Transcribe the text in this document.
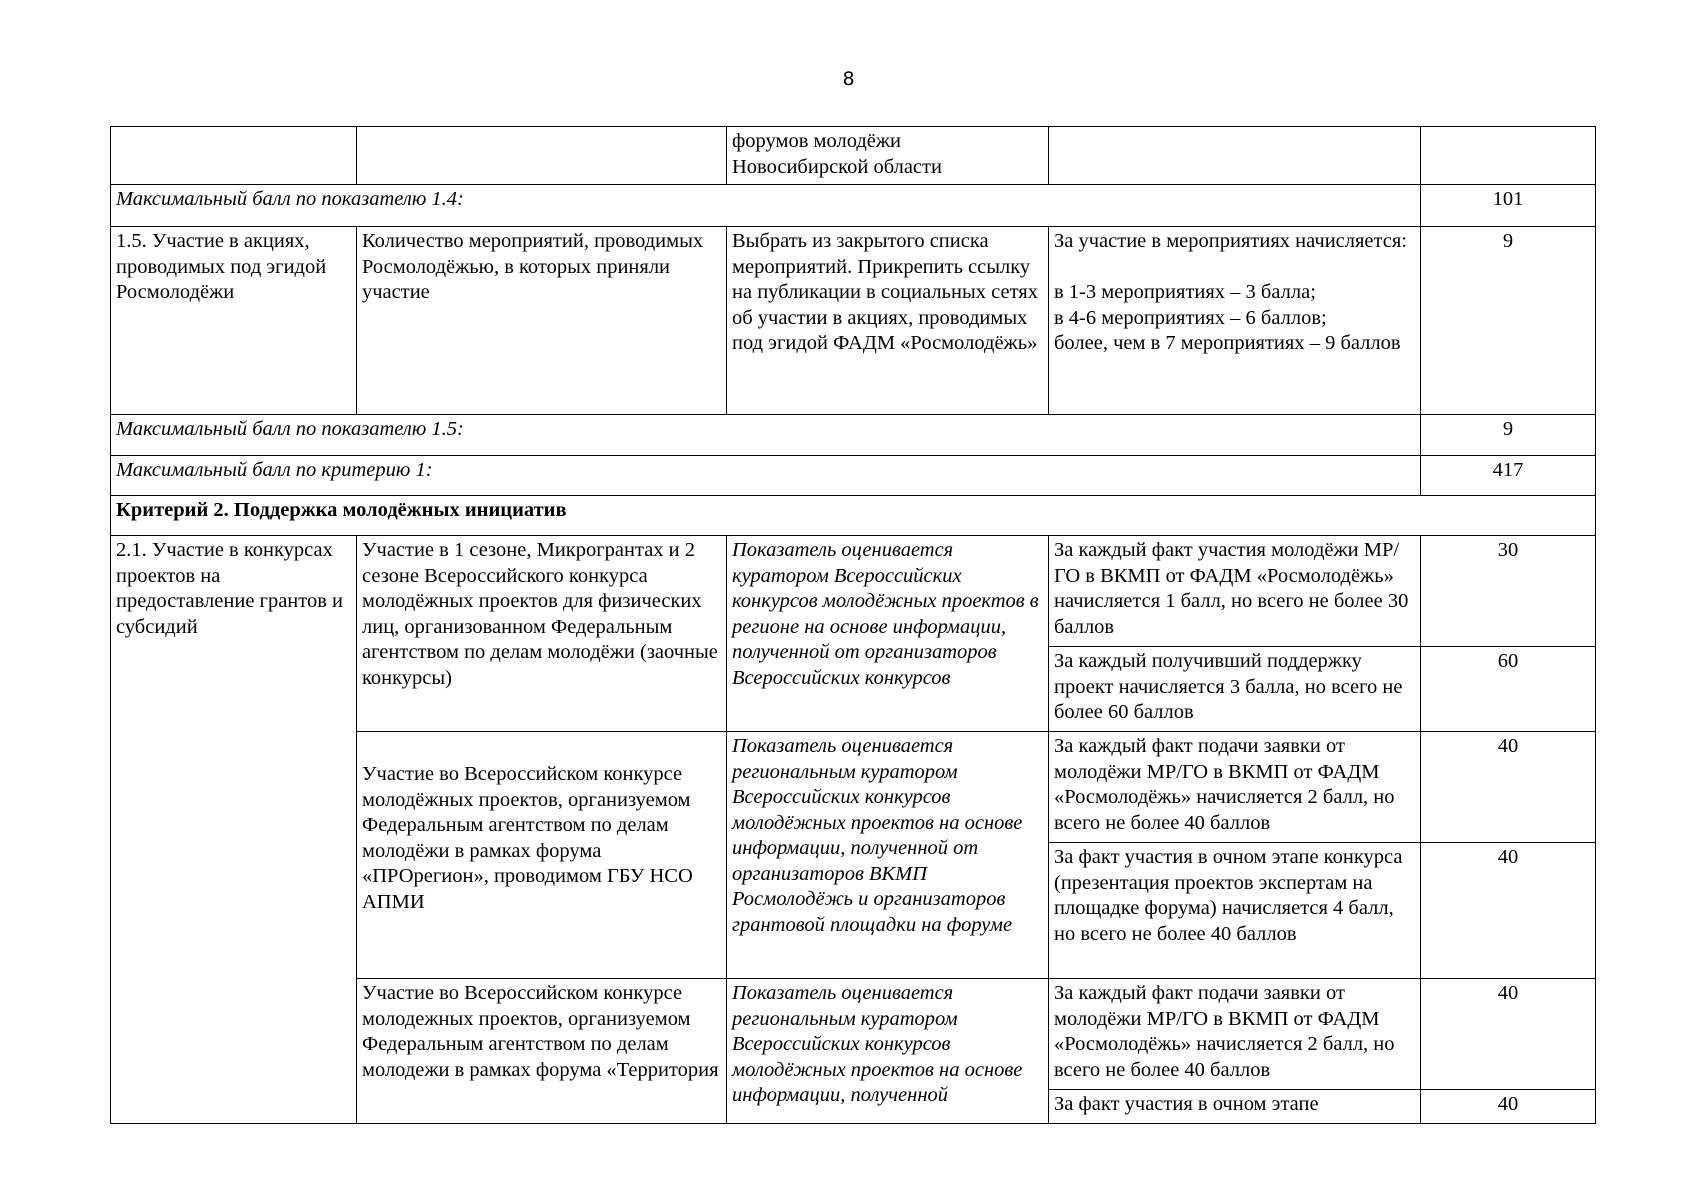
8
		форумов молодёжи
Новосибирской области		
Максимальный балл по показателю 1.4:				101
1.5. Участие в акциях, проводимых под эгидой Росмолодёжи	Количество мероприятий, проводимых Росмолодёжью, в которых приняли участие	Выбрать из закрытого списка мероприятий. Прикрепить ссылку на публикации в социальных сетях об участии в акциях, проводимых под эгидой ФАДМ «Росмолодёжь»	За участие в мероприятиях начисляется:

в 1-3 мероприятиях – 3 балла;
в 4-6 мероприятиях – 6 баллов;
более, чем в 7 мероприятиях – 9 баллов	9
Максимальный балл по показателю 1.5:				9
Максимальный балл по критерию 1:				417
Критерий 2. Поддержка молодёжных инициатив				
2.1. Участие в конкурсах проектов на предоставление грантов и субсидий	Участие в 1 сезоне, Микрогрантах и 2 сезоне Всероссийского конкурса молодёжных проектов для физических лиц, организованном Федеральным агентством по делам молодёжи (заочные конкурсы)	Показатель оценивается куратором Всероссийских конкурсов молодёжных проектов в регионе на основе информации, полученной от организаторов Всероссийских конкурсов	За каждый факт участия молодёжи МР/ГО в ВКМП от ФАДМ «Росмолодёжь» начисляется 1 балл, но всего не более 30 баллов	30
			За каждый получивший поддержку проект начисляется 3 балла, но всего не более 60 баллов	60
	Участие во Всероссийском конкурсе молодёжных проектов, организуемом Федеральным агентством по делам молодёжи в рамках форума «ПРОрегион», проводимом ГБУ НСО АПМИ	Показатель оценивается региональным куратором Всероссийских конкурсов молодёжных проектов на основе информации, полученной от организаторов ВКМП Росмолодёжь и организаторов грантовой площадки на форуме	За каждый факт подачи заявки от молодёжи МР/ГО в ВКМП от ФАДМ «Росмолодёжь» начисляется 2 балл, но всего не более 40 баллов	40
			За факт участия в очном этапе конкурса (презентация проектов экспертам на площадке форума) начисляется 4 балл, но всего не более 40 баллов	40
	Участие во Всероссийском конкурсе молодежных проектов, организуемом Федеральным агентством по делам молодежи в рамках форума «Территория	Показатель оценивается региональным куратором Всероссийских конкурсов молодёжных проектов на основе информации, полученной	За каждый факт подачи заявки от молодёжи МР/ГО в ВКМП от ФАДМ «Росмолодёжь» начисляется 2 балл, но всего не более 40 баллов	40
			За факт участия в очном этапе	40
